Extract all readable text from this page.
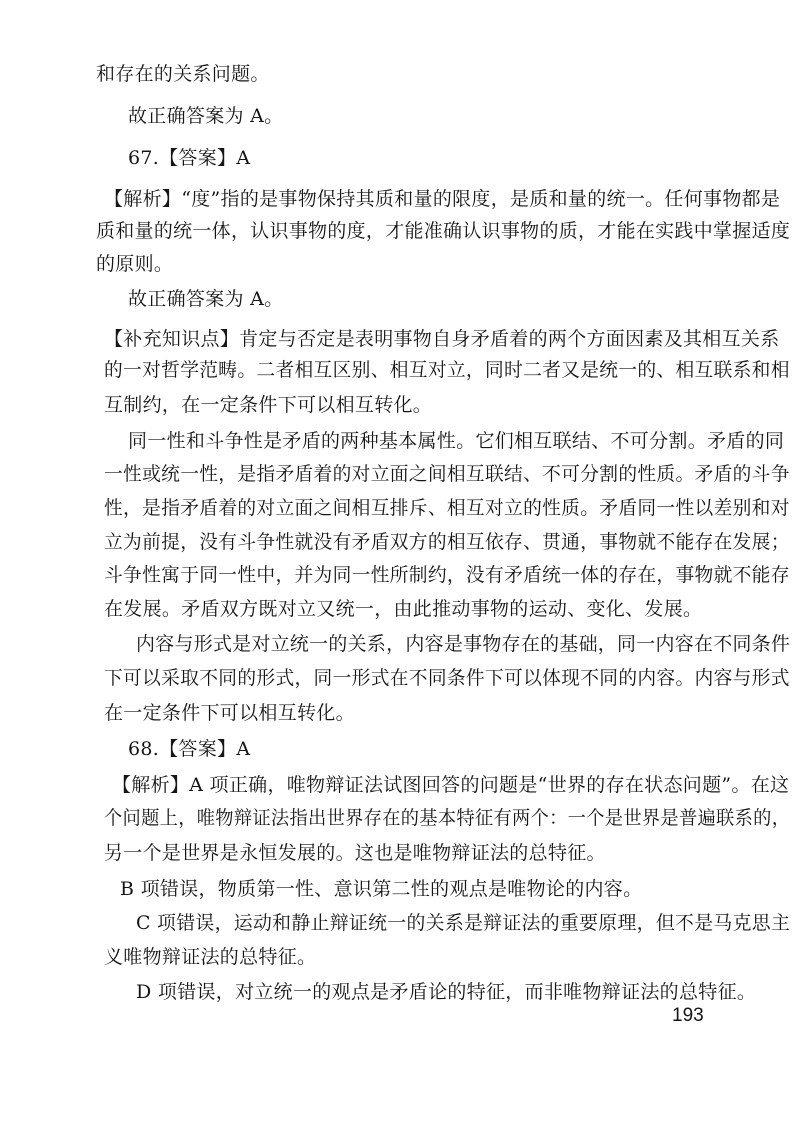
和存在的关系问题。
故正确答案为 A。
67.【答案】A
【解析】“度”指的是事物保持其质和量的限度，是质和量的统一。任何事物都是
质和量的统一体，认识事物的度，才能准确认识事物的质，才能在实践中掌握适度
的原则。
故正确答案为 A。
【补充知识点】肯定与否定是表明事物自身矛盾着的两个方面因素及其相互关系
的一对哲学范畴。二者相互区别、相互对立，同时二者又是统一的、相互联系和相
互制约，在一定条件下可以相互转化。
同一性和斗争性是矛盾的两种基本属性。它们相互联结、不可分割。矛盾的同
一性或统一性，是指矛盾着的对立面之间相互联结、不可分割的性质。矛盾的斗争
性，是指矛盾着的对立面之间相互排斥、相互对立的性质。矛盾同一性以差别和对
立为前提，没有斗争性就没有矛盾双方的相互依存、贯通，事物就不能存在发展；
斗争性寓于同一性中，并为同一性所制约，没有矛盾统一体的存在，事物就不能存
在发展。矛盾双方既对立又统一，由此推动事物的运动、变化、发展。
内容与形式是对立统一的关系，内容是事物存在的基础，同一内容在不同条件
下可以采取不同的形式，同一形式在不同条件下可以体现不同的内容。内容与形式
在一定条件下可以相互转化。
68.【答案】A
【解析】A 项正确，唯物辩证法试图回答的问题是“世界的存在状态问题”。在这
个问题上，唯物辩证法指出世界存在的基本特征有两个：一个是世界是普遍联系的，
另一个是世界是永恒发展的。这也是唯物辩证法的总特征。
B 项错误，物质第一性、意识第二性的观点是唯物论的内容。
C 项错误，运动和静止辩证统一的关系是辩证法的重要原理，但不是马克思主
义唯物辩证法的总特征。
D 项错误，对立统一的观点是矛盾论的特征，而非唯物辩证法的总特征。
193
